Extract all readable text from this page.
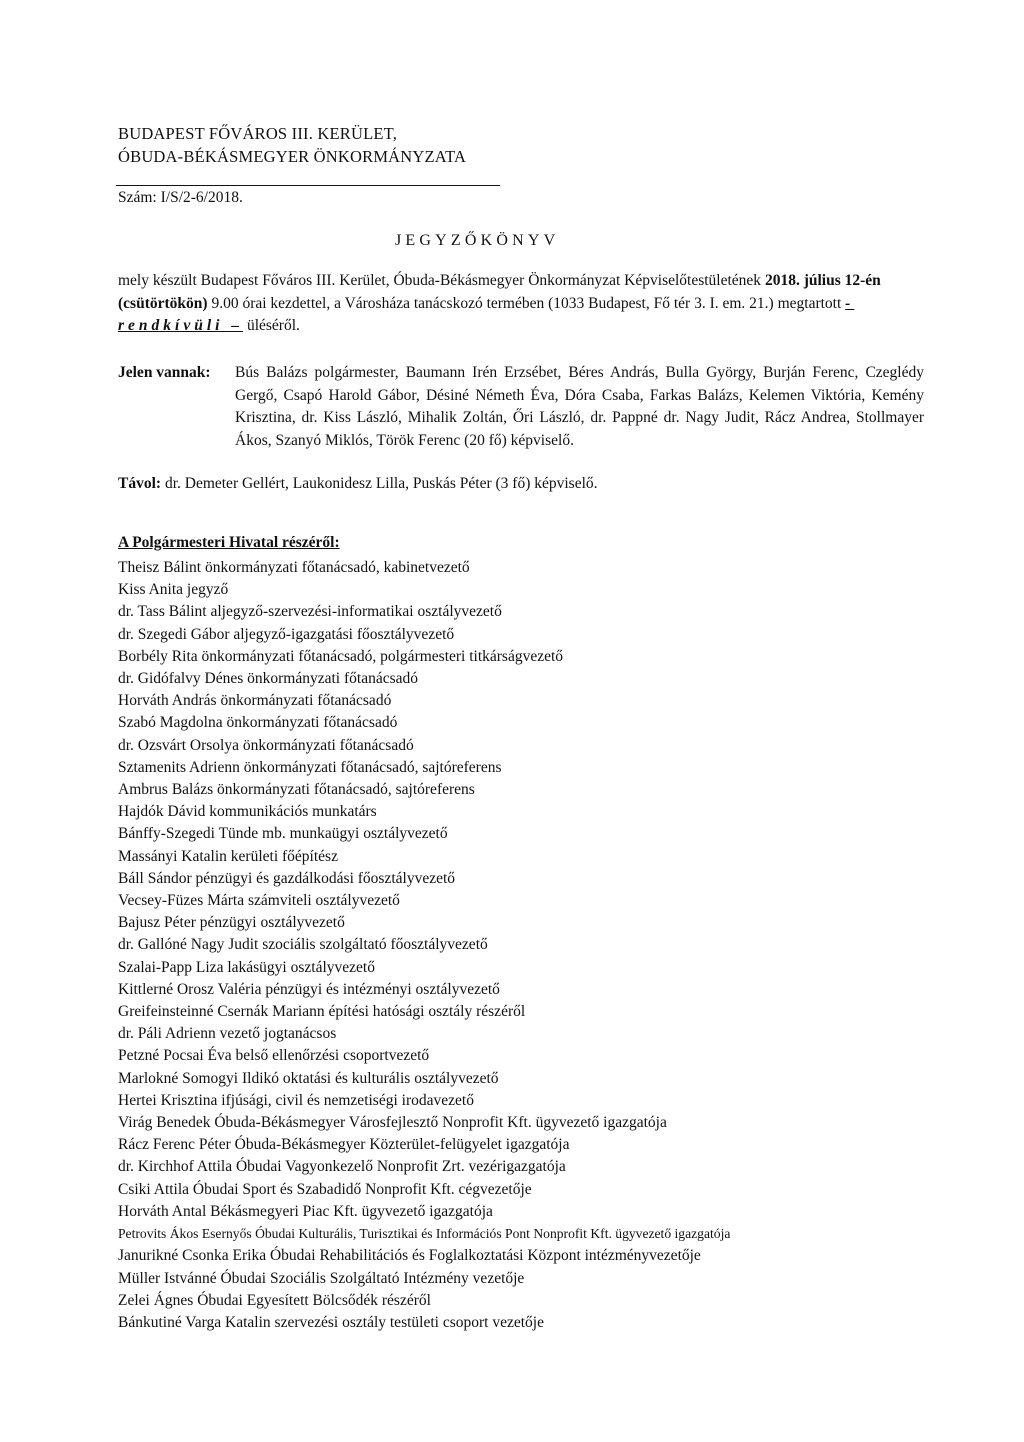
BUDAPEST FŐVÁROS III. KERÜLET,
ÓBUDA-BÉKÁSMEGYER ÖNKORMÁNYZATA
Szám: I/S/2-6/2018.
JEGYZŐKÖNYV
mely készült Budapest Főváros III. Kerület, Óbuda-Békásmegyer Önkormányzat Képviselőtestületének 2018. július 12-én (csütörtökön) 9.00 órai kezdettel, a Városháza tanácskozó termében (1033 Budapest, Fő tér 3. I. em. 21.) megtartott - rendkívüli – üléséről.
Jelen vannak: Bús Balázs polgármester, Baumann Irén Erzsébet, Béres András, Bulla György, Burján Ferenc, Czeglédy Gergő, Csapó Harold Gábor, Désiné Németh Éva, Dóra Csaba, Farkas Balázs, Kelemen Viktória, Kemény Krisztina, dr. Kiss László, Mihalik Zoltán, Őri László, dr. Pappné dr. Nagy Judit, Rácz Andrea, Stollmayer Ákos, Szanyó Miklós, Török Ferenc (20 fő) képviselő.
Távol: dr. Demeter Gellért, Laukonidesz Lilla, Puskás Péter (3 fő) képviselő.
A Polgármesteri Hivatal részéről:
Theisz Bálint önkormányzati főtanácsadó, kabinetvezető
Kiss Anita jegyző
dr. Tass Bálint aljegyző-szervezési-informatikai osztályvezető
dr. Szegedi Gábor aljegyző-igazgatási főosztályvezető
Borbély Rita önkormányzati főtanácsadó, polgármesteri titkárságvezető
dr. Gidófalvy Dénes önkormányzati főtanácsadó
Horváth András önkormányzati főtanácsadó
Szabó Magdolna önkormányzati főtanácsadó
dr. Ozsvárt Orsolya önkormányzati főtanácsadó
Sztamenits Adrienn önkormányzati főtanácsadó, sajtóreferens
Ambrus Balázs önkormányzati főtanácsadó, sajtóreferens
Hajdók Dávid kommunikációs munkatárs
Bánffy-Szegedi Tünde mb. munkaügyi osztályvezető
Massányi Katalin kerületi főépítész
Báll Sándor pénzügyi és gazdálkodási főosztályvezető
Vecsey-Füzes Márta számviteli osztályvezető
Bajusz Péter pénzügyi osztályvezető
dr. Gallóné Nagy Judit szociális szolgáltató főosztályvezető
Szalai-Papp Liza lakásügyi osztályvezető
Kittlerné Orosz Valéria pénzügyi és intézményi osztályvezető
Greifeinsteinné Csernák Mariann építési hatósági osztály részéről
dr. Páli Adrienn vezető jogtanácsos
Petzné Pocsai Éva belső ellenőrzési csoportvezető
Marlokné Somogyi Ildikó oktatási és kulturális osztályvezető
Hertei Krisztina ifjúsági, civil és nemzetiségi irodavezető
Virág Benedek Óbuda-Békásmegyer Városfejlesztő Nonprofit Kft. ügyvezető igazgatója
Rácz Ferenc Péter Óbuda-Békásmegyer Közterület-felügyelet igazgatója
dr. Kirchhof Attila Óbudai Vagyonkezelő Nonprofit Zrt. vezérigazgatója
Csiki Attila Óbudai Sport és Szabadidő Nonprofit Kft. cégvezetője
Horváth Antal Békásmegyeri Piac Kft. ügyvezető igazgatója
Petrovits Ákos Esernyős Óbudai Kulturális, Turisztikai és Információs Pont Nonprofit Kft. ügyvezető igazgatója
Janurikné Csonka Erika Óbudai Rehabilitációs és Foglalkoztatási Központ intézményvezetője
Müller Istvánné Óbudai Szociális Szolgáltató Intézmény vezetője
Zelei Ágnes Óbudai Egyesített Bölcsődék részéről
Bánkutiné Varga Katalin szervezési osztály testületi csoport vezetője
